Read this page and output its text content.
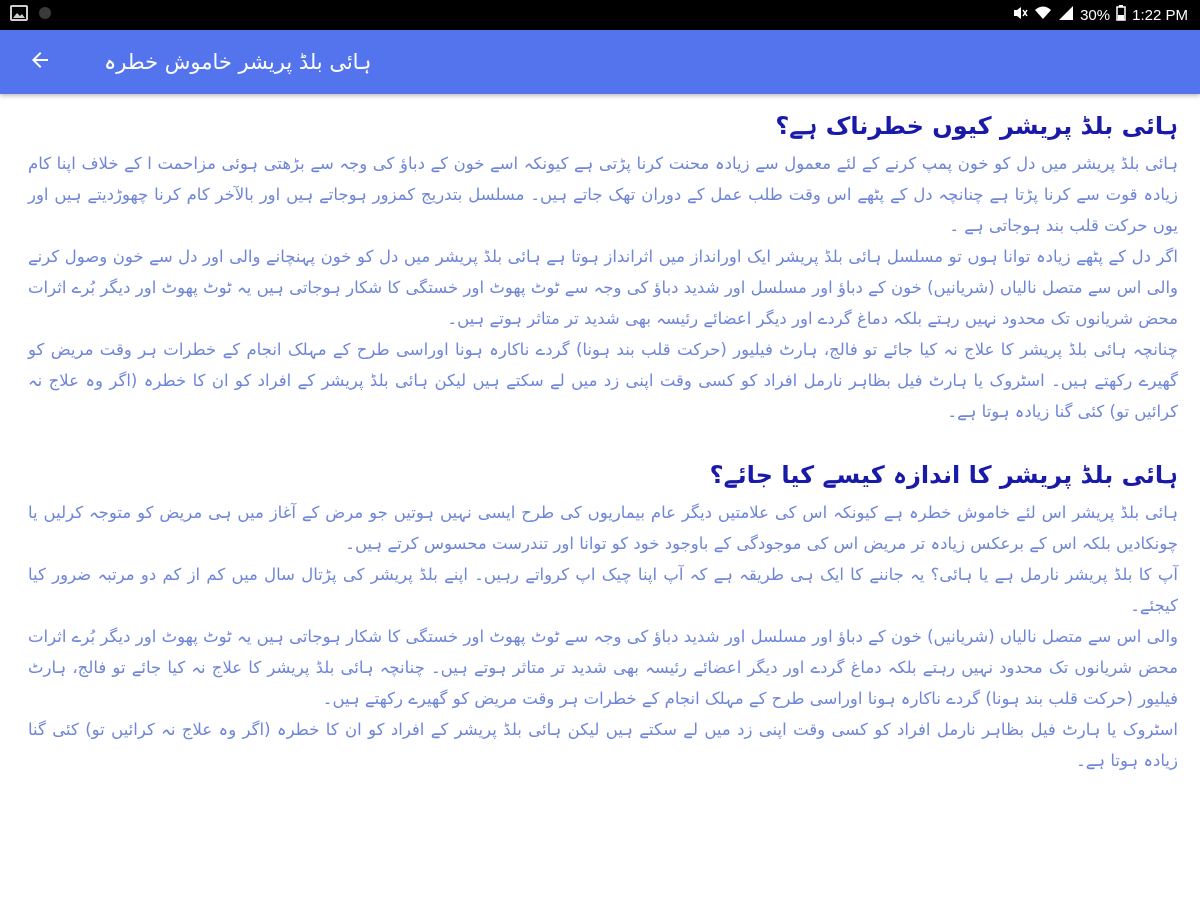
30% 1:22 PM
ہائی بلڈ پریشر خاموش خطرہ
ہائی بلڈ پریشر کیوں خطرناک ہے؟

ہائی بلڈ پریشر میں دل کو خون پمپ کرنے کے لئے معمول سے زیادہ محنت کرنا پڑتی ہے کیونکہ اسے خون کے دباؤ کی وجہ سے بڑھتی ہوئی مزاحمت ا کے خلاف اپنا کام زیادہ قوت سے کرنا پڑتا ہے چنانچہ دل کے پٹھے اس وقت طلب عمل کے دوران تھک جاتے ہیں۔ مسلسل بتدریج کمزور ہوجاتے ہیں اور بالآخر کام کرنا چھوڑدیتے ہیں اور یوں حرکت قلب بند ہوجاتی ہے ۔

اگر دل کے پٹھے زیادہ توانا ہوں تو مسلسل ہائی بلڈ پریشر ایک اورانداز میں اثرانداز ہوتا ہے ہائی بلڈ پریشر میں دل کو خون پہنچانے والی اور دل سے خون وصول کرنے والی اس سے متصل نالیاں (شریانیں) خون کے دباؤ اور مسلسل اور شدید دباؤ کی وجہ سے ٹوٹ پھوٹ اور خستگی کا شکار ہوجاتی ہیں یہ ٹوٹ پھوٹ اور دیگر بُرے اثرات محض شریانوں تک محدود نہیں رہتے بلکہ دماغ گردے اور دیگر اعضائے رئیسہ بھی شدید تر متاثر ہوتے ہیں۔

چنانچہ ہائی بلڈ پریشر کا علاج نہ کیا جائے تو فالج، ہارٹ فیلیور (حرکت قلب بند ہونا) گردے ناکارہ ہونا اوراسی طرح کے مہلک انجام کے خطرات ہر وقت مریض کو گھیرے رکھتے ہیں۔ اسٹروک یا ہارٹ فیل بظاہر نارمل افراد کو کسی وقت اپنی زد میں لے سکتے ہیں لیکن ہائی بلڈ پریشر کے افراد کو ان کا خطرہ (اگر وہ علاج نہ کرائیں تو) کئی گنا زیادہ ہوتا ہے۔

ہائی بلڈ پریشر کا اندازہ کیسے کیا جائے؟

ہائی بلڈ پریشر اس لئے خاموش خطرہ ہے کیونکہ اس کی علامتیں دیگر عام بیماریوں کی طرح ایسی نہیں ہوتیں جو مرض کے آغاز میں ہی مریض کو متوجہ کرلیں یا چونکادیں بلکہ اس کے برعکس زیادہ تر مریض اس کی موجودگی کے باوجود خود کو توانا اور تندرست محسوس کرتے ہیں۔

آپ کا بلڈ پریشر نارمل ہے یا ہائی؟ یہ جاننے کا ایک ہی طریقہ ہے کہ آپ اپنا چیک اپ کرواتے رہیں۔ اپنے بلڈ پریشر کی پڑتال سال میں کم از کم دو مرتبہ ضرور کیا کیجئے۔

والی اس سے متصل نالیاں (شریانیں) خون کے دباؤ اور مسلسل اور شدید دباؤ کی وجہ سے ٹوٹ پھوٹ اور خستگی کا شکار ہوجاتی ہیں یہ ٹوٹ پھوٹ اور دیگر بُرے اثرات محض شریانوں تک محدود نہیں رہتے بلکہ دماغ گردے اور دیگر اعضائے رئیسہ بھی شدید تر متاثر ہوتے ہیں۔ چنانچہ ہائی بلڈ پریشر کا علاج نہ کیا جائے تو فالج، ہارٹ فیلیور (حرکت قلب بند ہونا) گردے ناکارہ ہونا اوراسی طرح کے مہلک انجام کے خطرات ہر وقت مریض کو گھیرے رکھتے ہیں۔

اسٹروک یا ہارٹ فیل بظاہر نارمل افراد کو کسی وقت اپنی زد میں لے سکتے ہیں لیکن ہائی بلڈ پریشر کے افراد کو ان کا خطرہ (اگر وہ علاج نہ کرائیں تو) کئی گنا زیادہ ہوتا ہے۔
